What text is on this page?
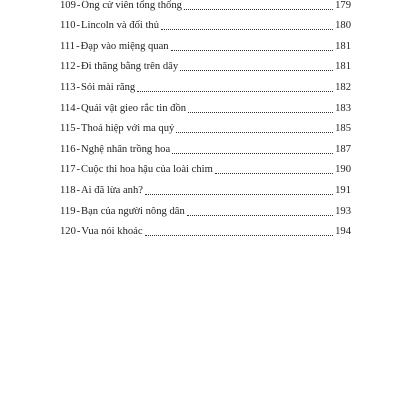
109 - Ông cử viên tổng thống	179
110 - Lincoln và đối thủ	180
111 - Đạp vào miệng quan	181
112 - Đi thăng bằng trên dây	181
113 - Sói mài răng	182
114 - Quái vật gieo rắc tin đồn	183
115 - Thoả hiệp với ma quỷ	185
116 - Nghệ nhân trồng hoa	187
117 - Cuộc thi hoa hậu của loài chim	190
118 - Ai đã lừa anh?	191
119 - Bạn của người nông dân	193
120 - Vua nói khoác	194
